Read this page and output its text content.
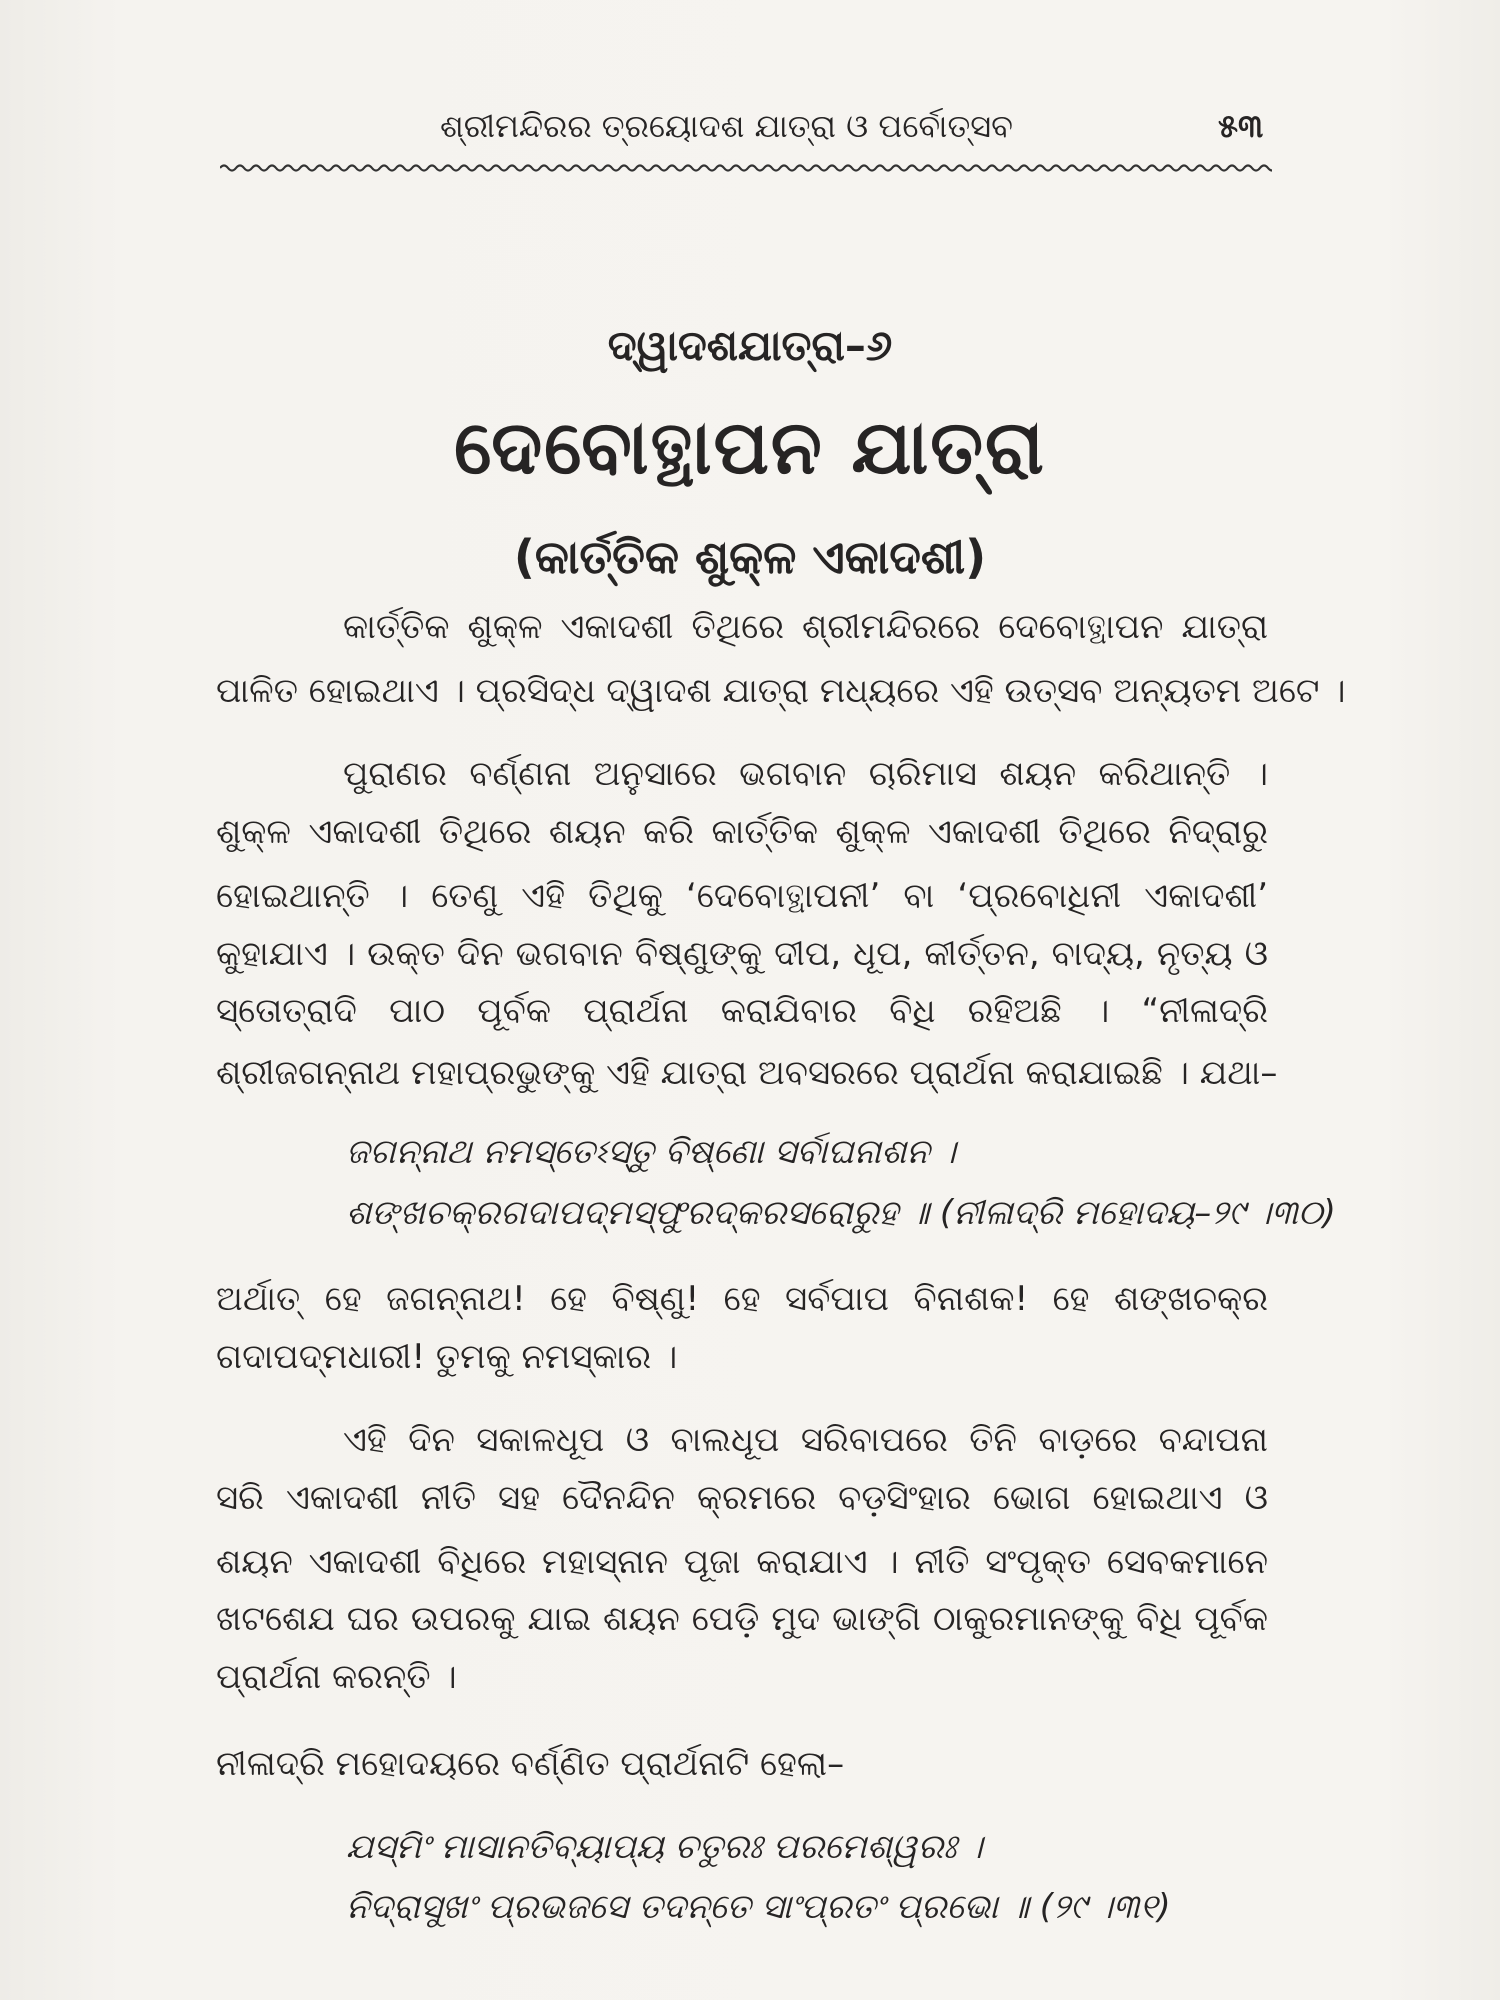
ଶ୍ରୀମନ୍ଦିରର ତ୍ରୟୋଦଶ ଯାତ୍ରା ଓ ପର୍ବୋତ୍ସବ	୫୩
ଦ୍ୱାଦଶଯାତ୍ରା–୬
ଦେବୋତ୍ଥାପନ ଯାତ୍ରା
(କାର୍ତ୍ତିକ ଶୁକ୍ଳ ଏକାଦଶୀ)
କାର୍ତ୍ତିକ ଶୁକ୍ଳ ଏକାଦଶୀ ତିଥିରେ ଶ୍ରୀମନ୍ଦିରରେ ଦେବୋତ୍ଥାପନ ଯାତ୍ରା
ପାଳିତ ହୋଇଥାଏ । ପ୍ରସିଦ୍ଧ ଦ୍ୱାଦଶ ଯାତ୍ରା ମଧ୍ୟରେ ଏହି ଉତ୍ସବ ଅନ୍ୟତମ ଅଟେ ।
ପୁରାଣର ବର୍ଣ୍ଣନା ଅନୁସାରେ ଭଗବାନ ଚାରିମାସ ଶୟନ କରିଥାନ୍ତି ।
ଶୁକ୍ଳ ଏକାଦଶୀ ତିଥିରେ ଶୟନ କରି କାର୍ତ୍ତିକ ଶୁକ୍ଳ ଏକାଦଶୀ ତିଥିରେ ନିଦ୍ରାରୁ
ହୋଇଥାନ୍ତି । ତେଣୁ ଏହି ତିଥିକୁ ‘ଦେବୋତ୍ଥାପନୀ’ ବା ‘ପ୍ରବୋଧିନୀ ଏକାଦଶୀ’
କୁହାଯାଏ । ଉକ୍ତ ଦିନ ଭଗବାନ ବିଷ୍ଣୁଙ୍କୁ ଦୀପ, ଧୂପ, କୀର୍ତ୍ତନ, ବାଦ୍ୟ, ନୃତ୍ୟ ଓ
ସ୍ତୋତ୍ରାଦି ପାଠ ପୂର୍ବକ ପ୍ରାର୍ଥନା କରାଯିବାର ବିଧି ରହିଅଛି । “ନୀଳାଦ୍ରି
ଶ୍ରୀଜଗନ୍ନାଥ ମହାପ୍ରଭୁଙ୍କୁ ଏହି ଯାତ୍ରା ଅବସରରେ ପ୍ରାର୍ଥନା କରାଯାଇଛି । ଯଥା–
ଜଗନ୍ନାଥ ନମସ୍ତେଽସ୍ତୁ ବିଷ୍ଣୋ ସର୍ବାଘନାଶନ ।
ଶଙ୍ଖଚକ୍ରଗଦାପଦ୍ମସ୍ଫୁରଦ୍‌କରସରୋରୁହ ॥ (ନୀଳାଦ୍ରି ମହୋଦୟ–୨୯ ।୩୦)
ଅର୍ଥାତ୍ ହେ ଜଗନ୍ନାଥ! ହେ ବିଷ୍ଣୁ! ହେ ସର୍ବପାପ ବିନାଶକ! ହେ ଶଙ୍ଖଚକ୍ର
ଗଦାପଦ୍ମଧାରୀ! ତୁମକୁ ନମସ୍କାର ।
ଏହି ଦିନ ସକାଳଧୂପ ଓ ବାଲଧୂପ ସରିବାପରେ ତିନି ବାଡ଼ରେ ବନ୍ଦାପନା
ସରି ଏକାଦଶୀ ନୀତି ସହ ଦୈନନ୍ଦିନ କ୍ରମରେ ବଡ଼ସିଂହାର ଭୋଗ ହୋଇଥାଏ ଓ
ଶୟନ ଏକାଦଶୀ ବିଧିରେ ମହାସ୍ନାନ ପୂଜା କରାଯାଏ । ନୀତି ସଂପୃକ୍ତ ସେବକମାନେ
ଖଟଶେଯ ଘର ଉପରକୁ ଯାଇ ଶୟନ ପେଡ଼ି ମୁଦ ଭାଙ୍ଗି ଠାକୁରମାନଙ୍କୁ ବିଧି ପୂର୍ବକ
ପ୍ରାର୍ଥନା କରନ୍ତି ।
ନୀଳାଦ୍ରି ମହୋଦୟରେ ବର୍ଣ୍ଣିତ ପ୍ରାର୍ଥନାଟି ହେଲା–
ଯସ୍ମିଂ ମାସାନତିବ୍ୟାପ୍ୟ ଚତୁରଃ ପରମେଶ୍ୱରଃ ।
ନିଦ୍ରାସୁଖଂ ପ୍ରଭଜସେ ତଦନ୍ତେ ସାଂପ୍ରତଂ ପ୍ରଭୋ ॥ (୨୯ ।୩୧)
